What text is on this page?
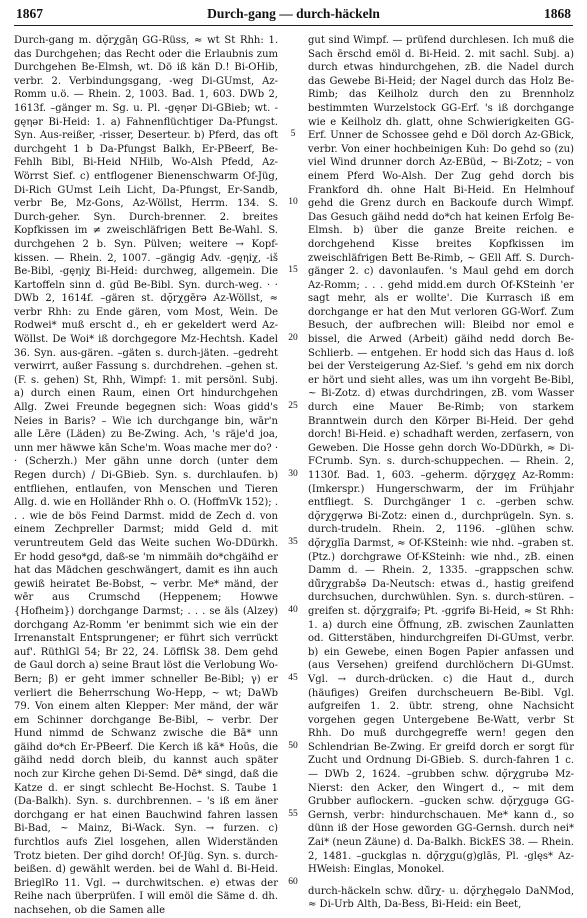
1867	Durch-gang — durch-häckeln	1868

Durch-gang m. dǫ̆rχgāη GG-Rüss, ≈ wt St Rhh: 1. das Durchgehen; das Recht oder die Erlaubnis zum Durchgehen Be-Elmsh, wt. Dö iß kän D.! Bi-OHib, verbr. 2. Verbindungsgang, -weg Di-GUmst, Az-Romm u.ö. — Rhein. 2, 1003. Bad. 1, 603. DWb 2, 1613f. –gänger m. Sg. u. Pl. -gęηər Di-GBieb; wt. -gęηər Bi-Heid: 1. a) Fahnenflüchtiger Da-Pfungst. Syn. Aus-reißer, -risser, Deserteur. b) Pferd, das oft durchgeht 1 b Da-Pfungst Balkh, Er-PBeerf, Be-Fehlh Bibl, Bi-Heid NHilb, Wo-Alsh Pfedd, Az-Wörrst Sief. c) entflogener Bienenschwarm Of-Jüg, Di-Rich GUmst Leih Licht, Da-Pfungst, Er-Sandb, verbr Be, Mz-Gons, Az-Wöllst, Herrm. 134. S. Durch-geher. Syn. Durch-brenner. 2. breites Kopfkissen im ≠ zweischläfrigen Bett Be-Wahl. S. durchgehen 2 b. Syn. Pülven; weitere → Kopf-kissen. — Rhein. 2, 1007. –gängig Adv. -gęηiχ, -iš Be-Bibl, -gęηiχ Bi-Heid: durchweg, allgemein. Die Kartoffeln sinn d. gūd Be-Bibl. Syn. durch-weg. · · DWb 2, 1614f. –gären st. dǫ̆rχgērə Az-Wöllst, ≈ verbr Rhh: zu Ende gären, vom Most, Wein. De Rodwei* muß erscht d., eh er gekeldert werd Az-Wöllst. De Woi* iß dorchgegore Mz-Hechtsh. Kadel 36. Syn. aus-gären. –gäten s. durch-jäten. –gedreht verwirrt, außer Fassung s. durchdrehen. –gehen st. (F. s. gehen) St, Rhh, Wimpf: 1. mit persönl. Subj. a) durch einen Raum, einen Ort hindurchgehen Allg. Zwei Freunde begegnen sich: Woas gidd's Neies in Baris? – Wie ich durchgange bin, wār'n alle Lēre (Läden) zu Be-Zwing. Ach, 's räje'd joa, unn mer häwwe kān Sche'm. Woas mache mer do? · · (Scherzh.) Mer gähn unne dorch (unter dem Regen durch) / Di-GBieb. Syn. s. durchlaufen. b) entfliehen, entlaufen, von Menschen und Tieren Allg. d. wie en Holländer Rhh o. O. (HoffmVk 152); . . . wie de bös Feind Darmst. midd de Zech d. von einem Zechpreller Darmst; midd Geld d. mit veruntreutem Geld das Weite suchen Wo-DDürkh. Er hodd geso*gd, daß-se 'm nimmäih do*chgäiħd er hat das Mädchen geschwängert, damit es ihn auch gewiß heiratet Be-Bobst, ~ verbr. Me* mänd, der wēr aus Crumschd (Heppenem; Howwe {Hofheim}) dorchgange Darmst; . . . se äls (Alzey) dorchgang Az-Romm 'er benimmt sich wie ein der Irrenanstalt Entsprungener; er führt sich verrückt auf'. RüthlGl 54; Br 22, 24. LöfflSk 38. Dem gehd de Gaul dorch a) seine Braut löst die Verlobung Wo-Bern; β) er geht immer schneller Be-Bibl; γ) er verliert die Beherrschung Wo-Hepp, ~ wt; DaWb 79. Von einem alten Klepper: Mer mänd, der wär em Schinner dorchgange Be-Bibl, ~ verbr. Der Hund nimmd de Schwanz zwische die Bā* unn gäihd do*ch Er-PBeerf. Die Kerch iß kā* Hoūs, die gäihd nedd dorch bleib, du kannst auch später noch zur Kirche gehen Di-Semd. Dē* singd, daß die Katze d. er singt schlecht Be-Hochst. S. Taube 1 (Da-Balkh). Syn. s. durchbrennen. – 's iß em äner dorchgang er hat einen Bauchwind fahren lassen Bi-Bad, ~ Mainz, Bi-Wack. Syn. → furzen. c) furchtlos aufs Ziel losgehen, allen Widerständen Trotz bieten. Der gihd dorch! Of-Jüg. Syn. s. durch-beißen. d) gewählt werden. bei de Wahl d. Bi-Heid. BrieglRo 11. Vgl. → durchwitschen. e) etwas der Reihe nach überprüfen. I will emöl die Säme d. dh. nachsehen, ob die Samen alle

5
10
15
20
25
30
35
40
45
50
55
60

gut sind Wimpf. — prüfend durchlesen. Ich muß die Sach ērschd emöl d. Bi-Heid. 2. mit sachl. Subj. a) durch etwas hindurchgehen, zB. die Nadel durch das Gewebe Bi-Heid; der Nagel durch das Holz Be-Rimb; das Keilholz durch den zu Brennholz bestimmten Wurzelstock GG-Erf. 's iß dorchgange wie e Keilholz dh. glatt, ohne Schwierigkeiten GG-Erf. Unner de Schossee gehd e Döl dorch Az-GBick, verbr. Von einer hochbeinigen Kuh: Do gehd so (zu) viel Wind drunner dorch Az-EBüd, ~ Bi-Zotz; – von einem Pferd Wo-Alsh. Der Zug gehd dorch bis Frankford dh. ohne Halt Bi-Heid. En Helmhouf gehd die Grenz durch en Backoufe durch Wimpf. Das Gesuch gäihd nedd do*ch hat keinen Erfolg Be-Elmsh. b) über die ganze Breite reichen. e dorchgehend Kisse breites Kopfkissen im zweischläfrigen Bett Be-Rimb, ~ GEll Aff. S. Durch-gänger 2. c) davonlaufen. 's Maul gehd em dorch Az-Romm; . . . gehd midd.em durch Of-KSteinh 'er sagt mehr, als er wollte'. Die Kurrasch iß em dorchgange er hat den Mut verloren GG-Worf. Zum Besuch, der aufbrechen will: Bleibd nor emol e bissel, die Arwed (Arbeit) gäihd nedd dorch Be-Schlierb. — entgehen. Er hodd sich das Haus d. loß bei der Versteigerung Az-Sief. 's gehd em nix dorch er hört und sieht alles, was um ihn vorgeht Be-Bibl, ~ Bi-Zotz. d) etwas durchdringen, zB. vom Wasser durch eine Mauer Be-Rimb; von starkem Branntwein durch den Körper Bi-Heid. Der gehd dorch! Bi-Heid. e) schadhaft werden, zerfasern, von Geweben. Die Hosse gehn dorch Wo-DDürkh, ≈ Di-FCrumb. Syn. s. durch-schuppechen. — Rhein. 2, 1130f. Bad. 1, 603. –geherm. dǫ̆rχgęχ Az-Romm: (Imkerspr.) Hungerschwarm, der im Frühjahr entfliegt. S. Durchgänger 1 c. –gerben schw. dǫ̆rχgęrwə Bi-Zotz: einen d., durchprügeln. Syn. s. durch-trudeln. Rhein. 2, 1196. –glühen schw. dǫ̆rχglīa Darmst, ≈ Of-KSteinh: wie nhd. –graben st. (Ptz.) dorchgrawe Of-KSteinh: wie nhd., zB. einen Damm d. — Rhein. 2, 1335. –grappschen schw. dǔ̈rχgrabšə Da-Neutsch: etwas d., hastig greifend durchsuchen, durchwühlen. Syn. s. durch-stüren. –greifen st. dǫ̆rχgraifə; Pt. -ggrifə Bi-Heid, ≈ St Rhh: 1. a) durch eine Öffnung, zB. zwischen Zaunlatten od. Gitterstäben, hindurchgreifen Di-GUmst, verbr. b) ein Gewebe, einen Bogen Papier anfassen und (aus Versehen) greifend durchlöchern Di-GUmst. Vgl. → durch-drücken. c) die Haut d., durch (häufiges) Greifen durchscheuern Be-Bibl. Vgl. aufgreifen 1. 2. übtr. streng, ohne Nachsicht vorgehen gegen Untergebene Be-Watt, verbr St Rhh. Do muß durchgegreffe wern! gegen den Schlendrian Be-Zwing. Er greifd dorch er sorgt für Zucht und Ordnung Di-GBieb. S. durch-fahren 1 c. — DWb 2, 1624. –grubben schw. dǫ̆rχgrubə Mz-Nierst: den Acker, den Wingert d., ~ mit dem Grubber auflockern. –gucken schw. dǫ̆rχgugə GG-Gernsh, verbr: hindurchschauen. Me* kann d., so dünn iß der Hose geworden GG-Gernsh. durch nei* Zai* (neun Zäune) d. Da-Balkh. BickES 38. — Rhein. 2, 1481. –guckglas n. dǫ̆rχgu(g)glās, Pl. -glęs* Az-HWeish: Einglas, Monokel.

durch-häckeln schw. dǔ̈rχ- u. dǫ̆rχhęgəlo DaNMod, ≈ Di-Urb Alth, Da-Bess, Bi-Heid: ein Beet,
